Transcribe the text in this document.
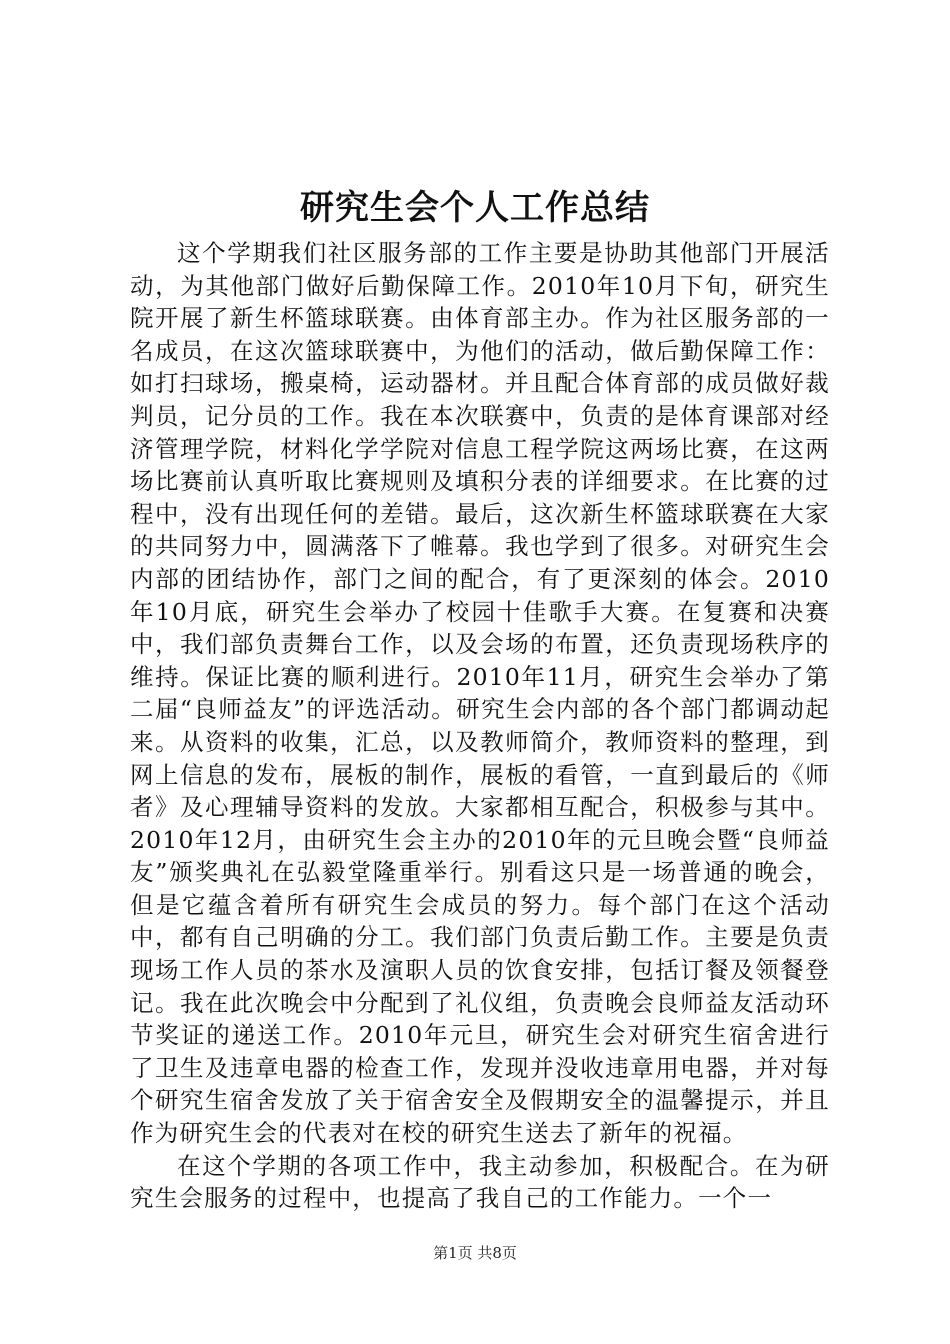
研究生会个人工作总结

这个学期我们社区服务部的工作主要是协助其他部门开展活动，为其他部门做好后勤保障工作。2010年10月下旬，研究生院开展了新生杯篮球联赛。由体育部主办。作为社区服务部的一名成员，在这次篮球联赛中，为他们的活动，做后勤保障工作：如打扫球场，搬桌椅，运动器材。并且配合体育部的成员做好裁判员，记分员的工作。我在本次联赛中，负责的是体育课部对经济管理学院，材料化学学院对信息工程学院这两场比赛，在这两场比赛前认真听取比赛规则及填积分表的详细要求。在比赛的过程中，没有出现任何的差错。最后，这次新生杯篮球联赛在大家的共同努力中，圆满落下了帷幕。我也学到了很多。对研究生会内部的团结协作，部门之间的配合，有了更深刻的体会。2010年10月底，研究生会举办了校园十佳歌手大赛。在复赛和决赛中，我们部负责舞台工作，以及会场的布置，还负责现场秩序的维持。保证比赛的顺利进行。2010年11月，研究生会举办了第二届“良师益友”的评选活动。研究生会内部的各个部门都调动起来。从资料的收集，汇总，以及教师简介，教师资料的整理，到网上信息的发布，展板的制作，展板的看管，一直到最后的《师者》及心理辅导资料的发放。大家都相互配合，积极参与其中。2010年12月，由研究生会主办的2010年的元旦晚会暨“良师益友”颁奖典礼在弘毅堂隆重举行。别看这只是一场普通的晚会，但是它蕴含着所有研究生会成员的努力。每个部门在这个活动中，都有自己明确的分工。我们部门负责后勤工作。主要是负责现场工作人员的茶水及演职人员的饮食安排，包括订餐及领餐登记。我在此次晚会中分配到了礼仪组，负责晚会良师益友活动环节奖证的递送工作。2010年元旦，研究生会对研究生宿舍进行了卫生及违章电器的检查工作，发现并没收违章用电器，并对每个研究生宿舍发放了关于宿舍安全及假期安全的温馨提示，并且作为研究生会的代表对在校的研究生送去了新年的祝福。

在这个学期的各项工作中，我主动参加，积极配合。在为研究生会服务的过程中，也提高了我自己的工作能力。一个一

第1页 共8页
